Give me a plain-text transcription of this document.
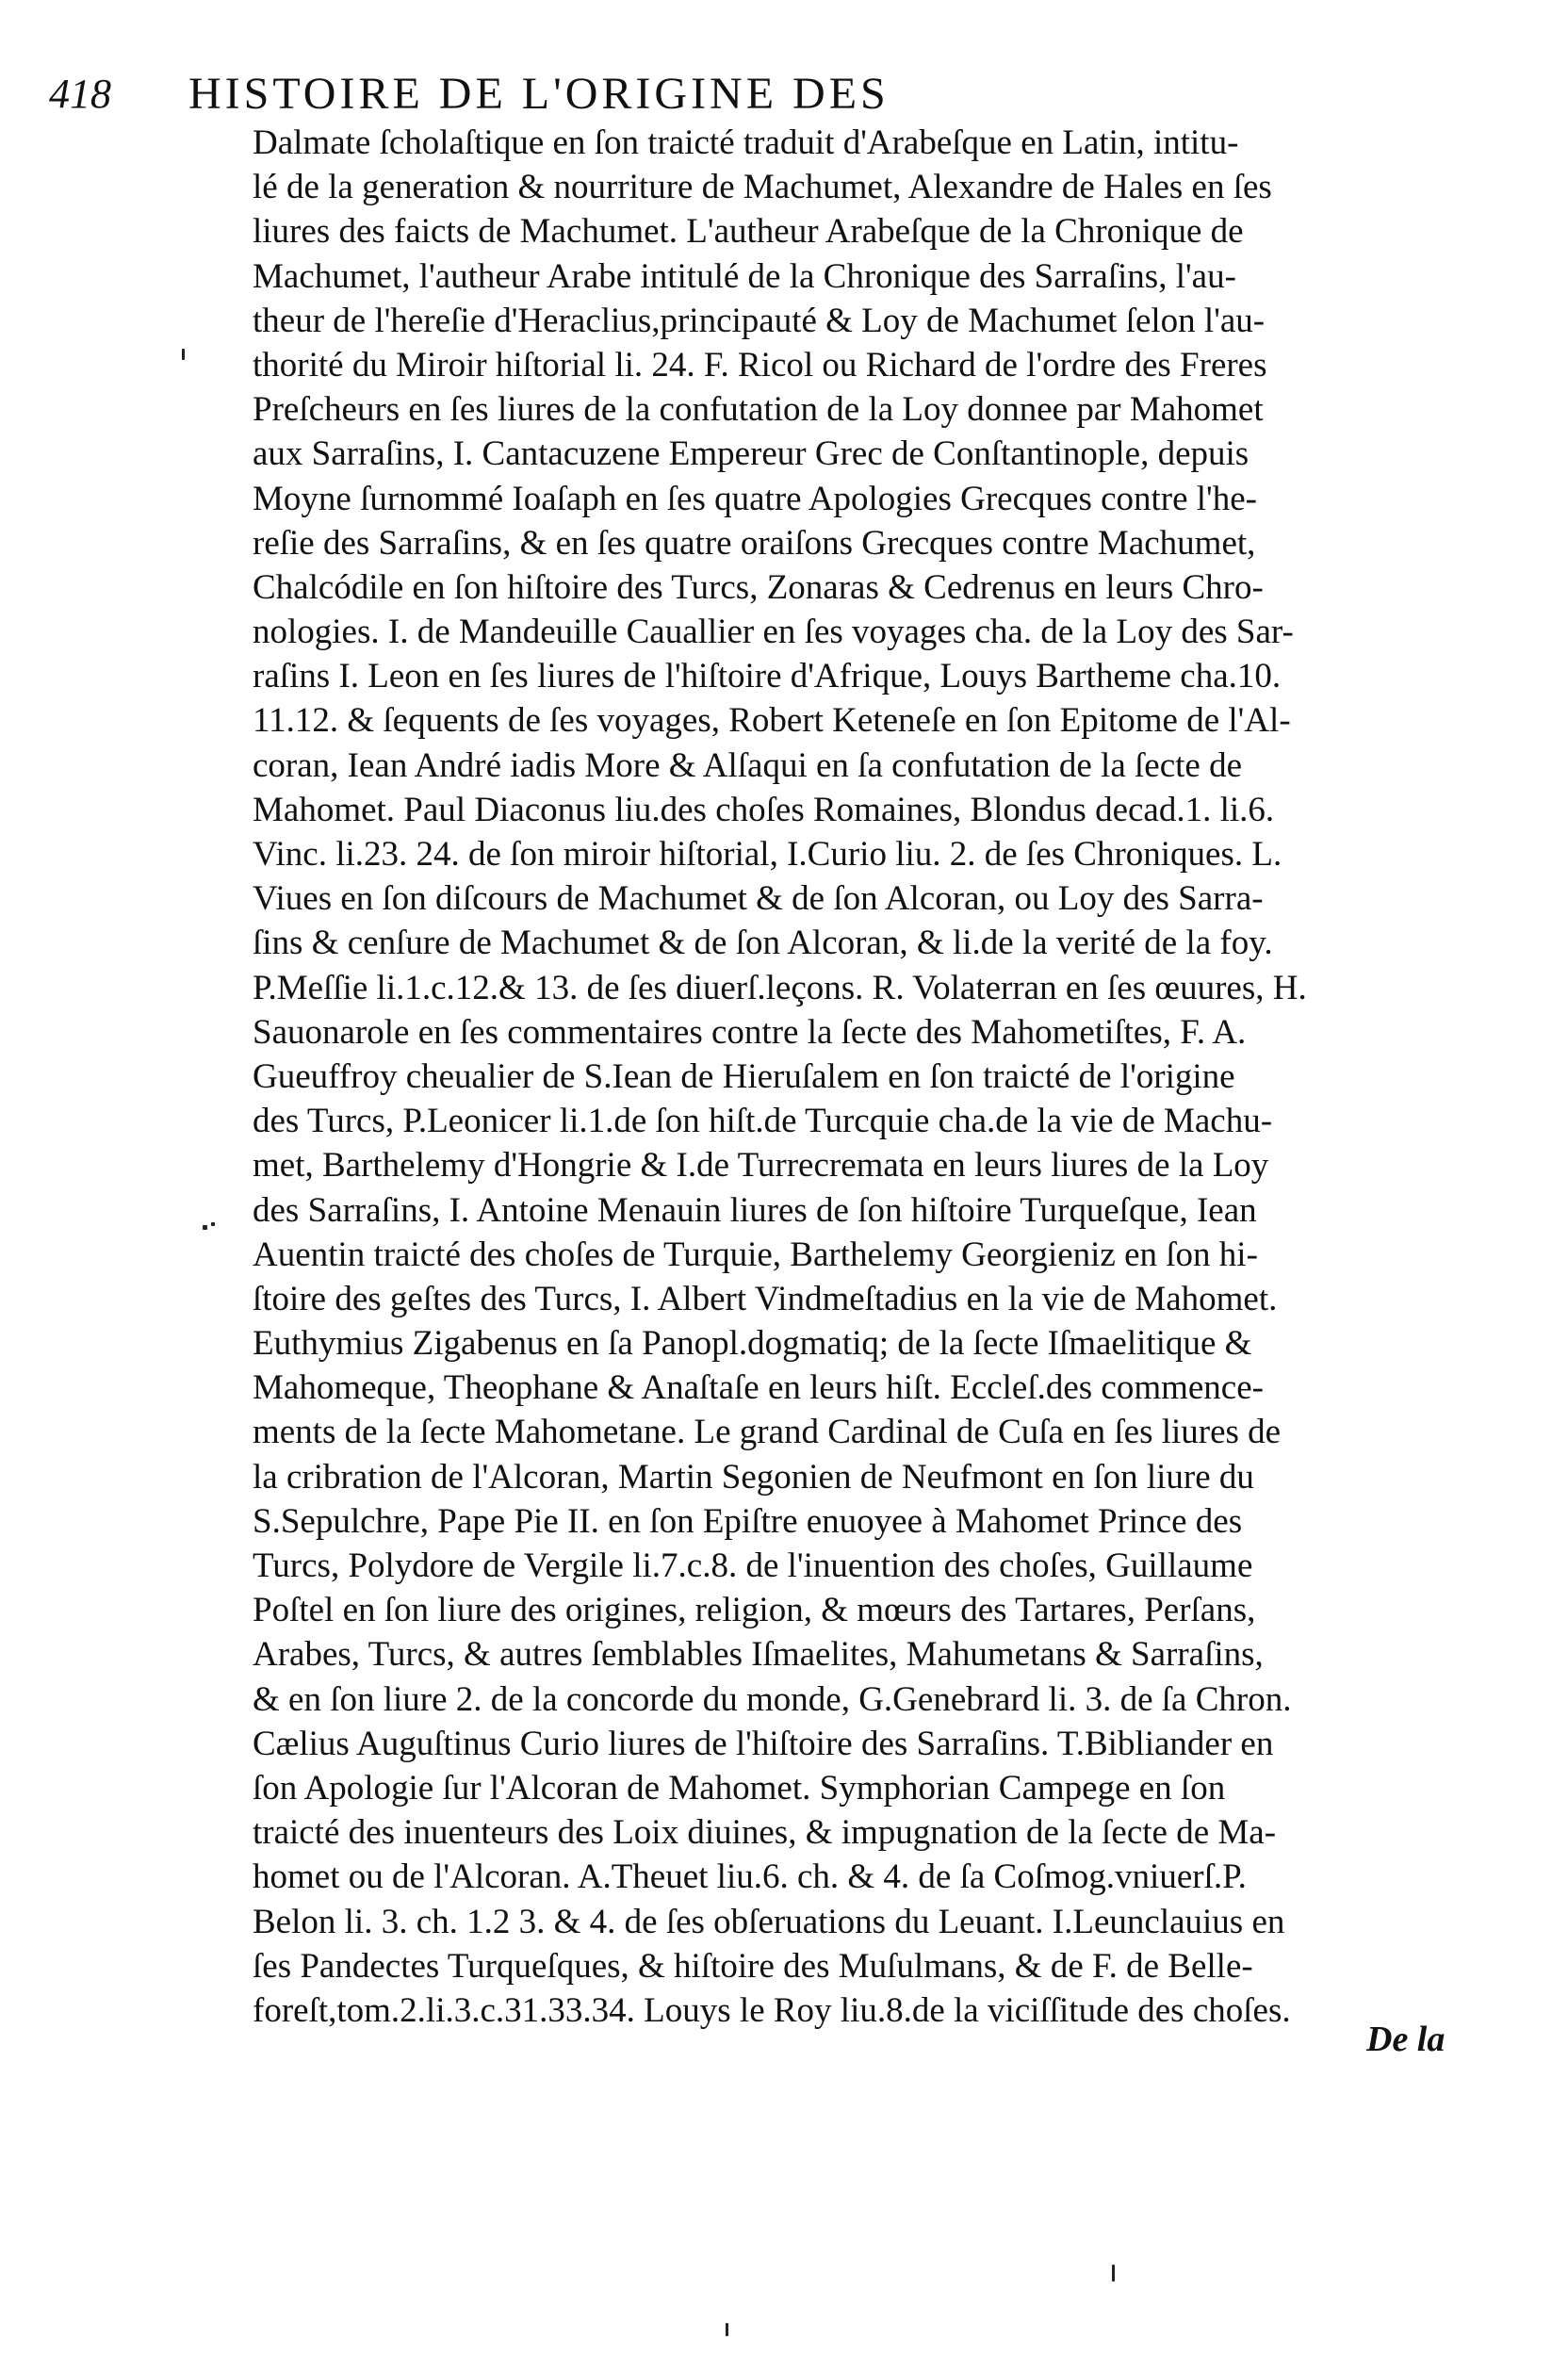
418 HISTOIRE DE L'ORIGINE DES
Dalmate ſcholaſtique en ſon traicté traduit d'Arabeſque en Latin, intitu-
lé de la generation & nourriture de Machumet, Alexandre de Hales en ſes
liures des faicts de Machumet. L'autheur Arabeſque de la Chronique de
Machumet, l'autheur Arabe intitulé de la Chronique des Sarraſins, l'au-
theur de l'hereſie d'Heraclius,principauté & Loy de Machumet ſelon l'au-
thorité du Miroir hiſtorial li. 24. F. Ricol ou Richard de l'ordre des Freres
Preſcheurs en ſes liures de la confutation de la Loy donnee par Mahomet
aux Sarraſins, I. Cantacuzene Empereur Grec de Conſtantinople, depuis
Moyne ſurnommé Ioaſaph en ſes quatre Apologies Grecques contre l'he-
reſie des Sarraſins, & en ſes quatre oraiſons Grecques contre Machumet,
Chalcódile en ſon hiſtoire des Turcs, Zonaras & Cedrenus en leurs Chro-
nologies. I. de Mandeuille Cauallier en ſes voyages cha. de la Loy des Sar-
raſins I. Leon en ſes liures de l'hiſtoire d'Afrique, Louys Bartheme cha.10.
11.12. & ſequents de ſes voyages, Robert Keteneſe en ſon Epitome de l'Al-
coran, Iean André iadis More & Alſaqui en ſa confutation de la ſecte de
Mahomet. Paul Diaconus liu.des choſes Romaines, Blondus decad.1. li.6.
Vinc. li.23. 24. de ſon miroir hiſtorial, I.Curio liu. 2. de ſes Chroniques. L.
Viues en ſon diſcours de Machumet & de ſon Alcoran, ou Loy des Sarra-
ſins & cenſure de Machumet & de ſon Alcoran, & li.de la verité de la foy.
P.Meſſie li.1.c.12.& 13. de ſes diuerſ.leçons. R. Volaterran en ſes œuures, H.
Sauonarole en ſes commentaires contre la ſecte des Mahometiſtes, F. A.
Gueuffroy cheualier de S.Iean de Hieruſalem en ſon traicté de l'origine
des Turcs, P.Leonicer li.1.de ſon hiſt.de Turcquie cha.de la vie de Machu-
met, Barthelemy d'Hongrie & I.de Turrecremata en leurs liures de la Loy
des Sarraſins, I. Antoine Menauin liures de ſon hiſtoire Turqueſque, Iean
Auentin traicté des choſes de Turquie, Barthelemy Georgieniz en ſon hi-
ſtoire des geſtes des Turcs, I. Albert Vindmeſtadius en la vie de Mahomet.
Euthymius Zigabenus en ſa Panopl.dogmatiq; de la ſecte Iſmaelitique &
Mahomeque, Theophane & Anaſtaſe en leurs hiſt. Eccleſ.des commence-
ments de la ſecte Mahometane. Le grand Cardinal de Cuſa en ſes liures de
la cribration de l'Alcoran, Martin Segonien de Neufmont en ſon liure du
S.Sepulchre, Pape Pie II. en ſon Epiſtre enuoyee à Mahomet Prince des
Turcs, Polydore de Vergile li.7.c.8. de l'inuention des choſes, Guillaume
Poſtel en ſon liure des origines, religion, & mœurs des Tartares, Perſans,
Arabes, Turcs, & autres ſemblables Iſmaelites, Mahumetans & Sarraſins,
& en ſon liure 2. de la concorde du monde, G.Genebrard li. 3. de ſa Chron.
Cælius Auguſtinus Curio liures de l'hiſtoire des Sarraſins. T.Bibliander en
ſon Apologie ſur l'Alcoran de Mahomet. Symphorian Campege en ſon
traicté des inuenteurs des Loix diuines, & impugnation de la ſecte de Ma-
homet ou de l'Alcoran. A.Theuet liu.6. ch. & 4. de ſa Coſmog.vniuerſ.P.
Belon li. 3. ch. 1.2 3. & 4. de ſes obſeruations du Leuant. I.Leunclauius en
ſes Pandectes Turqueſques, & hiſtoire des Muſulmans, & de F. de Belle-
foreſt,tom.2.li.3.c.31.33.34. Louys le Roy liu.8.de la viciſſitude des choſes.
De la
